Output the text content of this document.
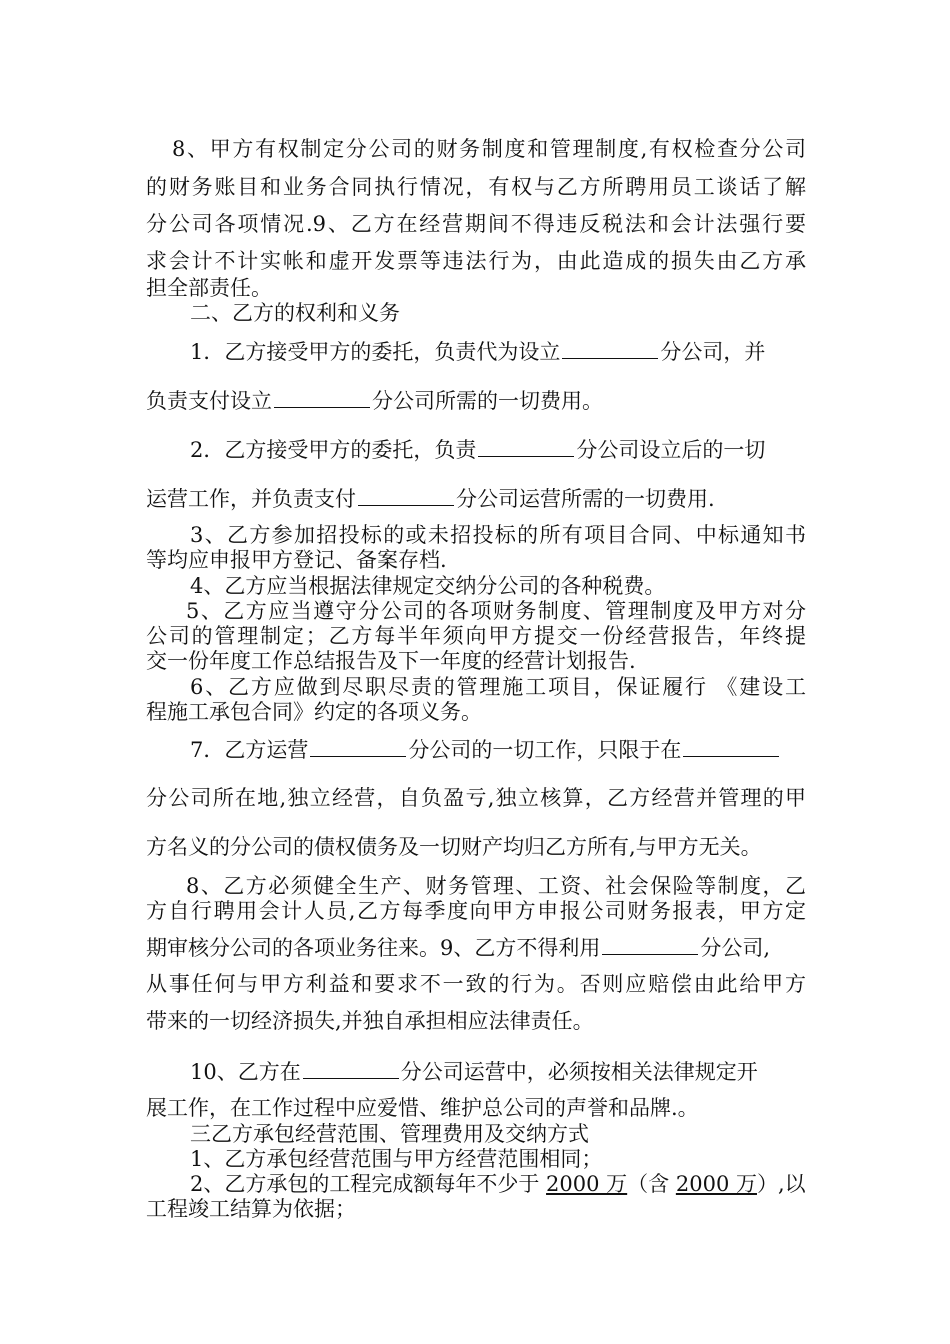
8、甲方有权制定分公司的财务制度和管理制度,有权检查分公司

的财务账目和业务合同执行情况，有权与乙方所聘用员工谈话了解

分公司各项情况.9、乙方在经营期间不得违反税法和会计法强行要

求会计不计实帐和虚开发票等违法行为，由此造成的损失由乙方承

担全部责任。

二、乙方的权利和义务

1．乙方接受甲方的委托，负责代为设立	分公司，并

负责支付设立	分公司所需的一切费用。

2．乙方接受甲方的委托，负责	分公司设立后的一切

运营工作，并负责支付	分公司运营所需的一切费用.

3、乙方参加招投标的或未招投标的所有项目合同、中标通知书

等均应申报甲方登记、备案存档.

4、乙方应当根据法律规定交纳分公司的各种税费。

5、乙方应当遵守分公司的各项财务制度、管理制度及甲方对分

公司的管理制定；乙方每半年须向甲方提交一份经营报告，年终提

交一份年度工作总结报告及下一年度的经营计划报告.

6、乙方应做到尽职尽责的管理施工项目，保证履行 《建设工

程施工承包合同》约定的各项义务。

7．乙方运营	分公司的一切工作，只限于在

分公司所在地,独立经营，自负盈亏,独立核算，乙方经营并管理的甲

方名义的分公司的债权债务及一切财产均归乙方所有,与甲方无关。

8、乙方必须健全生产、财务管理、工资、社会保险等制度，乙

方自行聘用会计人员,乙方每季度向甲方申报公司财务报表，甲方定

期审核分公司的各项业务往来。9、乙方不得利用	分公司,

从事任何与甲方利益和要求不一致的行为。否则应赔偿由此给甲方

带来的一切经济损失,并独自承担相应法律责任。

10、乙方在	分公司运营中，必须按相关法律规定开

展工作，在工作过程中应爱惜、维护总公司的声誉和品牌.。

三乙方承包经营范围、管理费用及交纳方式

1、乙方承包经营范围与甲方经营范围相同；

2、乙方承包的工程完成额每年不少于 2000 万（含 2000 万）,以

工程竣工结算为依据；
